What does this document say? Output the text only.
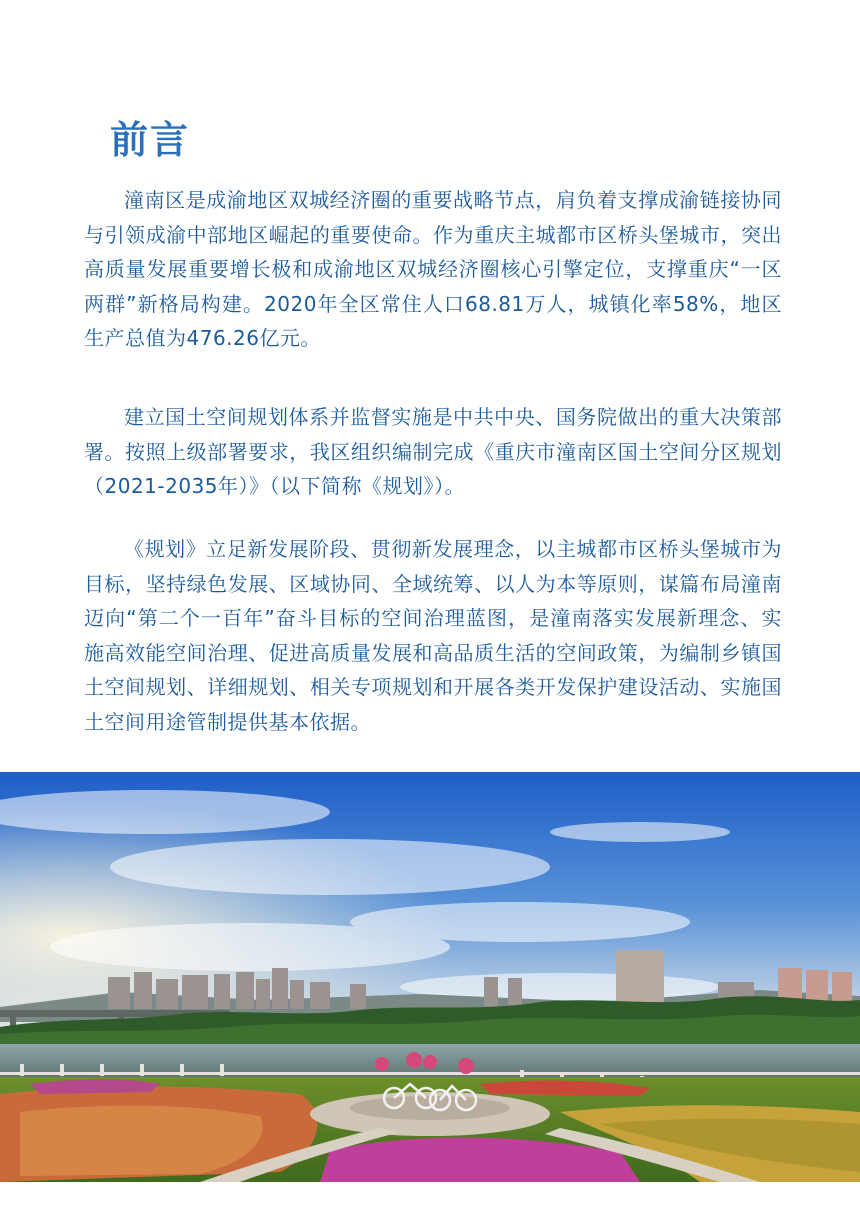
前言

潼南区是成渝地区双城经济圈的重要战略节点，肩负着支撑成渝链接协同与引领成渝中部地区崛起的重要使命。作为重庆主城都市区桥头堡城市，突出高质量发展重要增长极和成渝地区双城经济圈核心引擎定位，支撑重庆“一区两群”新格局构建。2020年全区常住人口68.81万人，城镇化率58%，地区生产总值为476.26亿元。

建立国土空间规划体系并监督实施是中共中央、国务院做出的重大决策部署。按照上级部署要求，我区组织编制完成《重庆市潼南区国土空间分区规划（2021-2035年）》（以下简称《规划》）。

《规划》立足新发展阶段、贯彻新发展理念，以主城都市区桥头堡城市为目标，坚持绿色发展、区域协同、全域统筹、以人为本等原则，谋篇布局潼南迈向“第二个一百年”奋斗目标的空间治理蓝图，是潼南落实发展新理念、实施高效能空间治理、促进高质量发展和高品质生活的空间政策，为编制乡镇国土空间规划、详细规划、相关专项规划和开展各类开发保护建设活动、实施国土空间用途管制提供基本依据。
